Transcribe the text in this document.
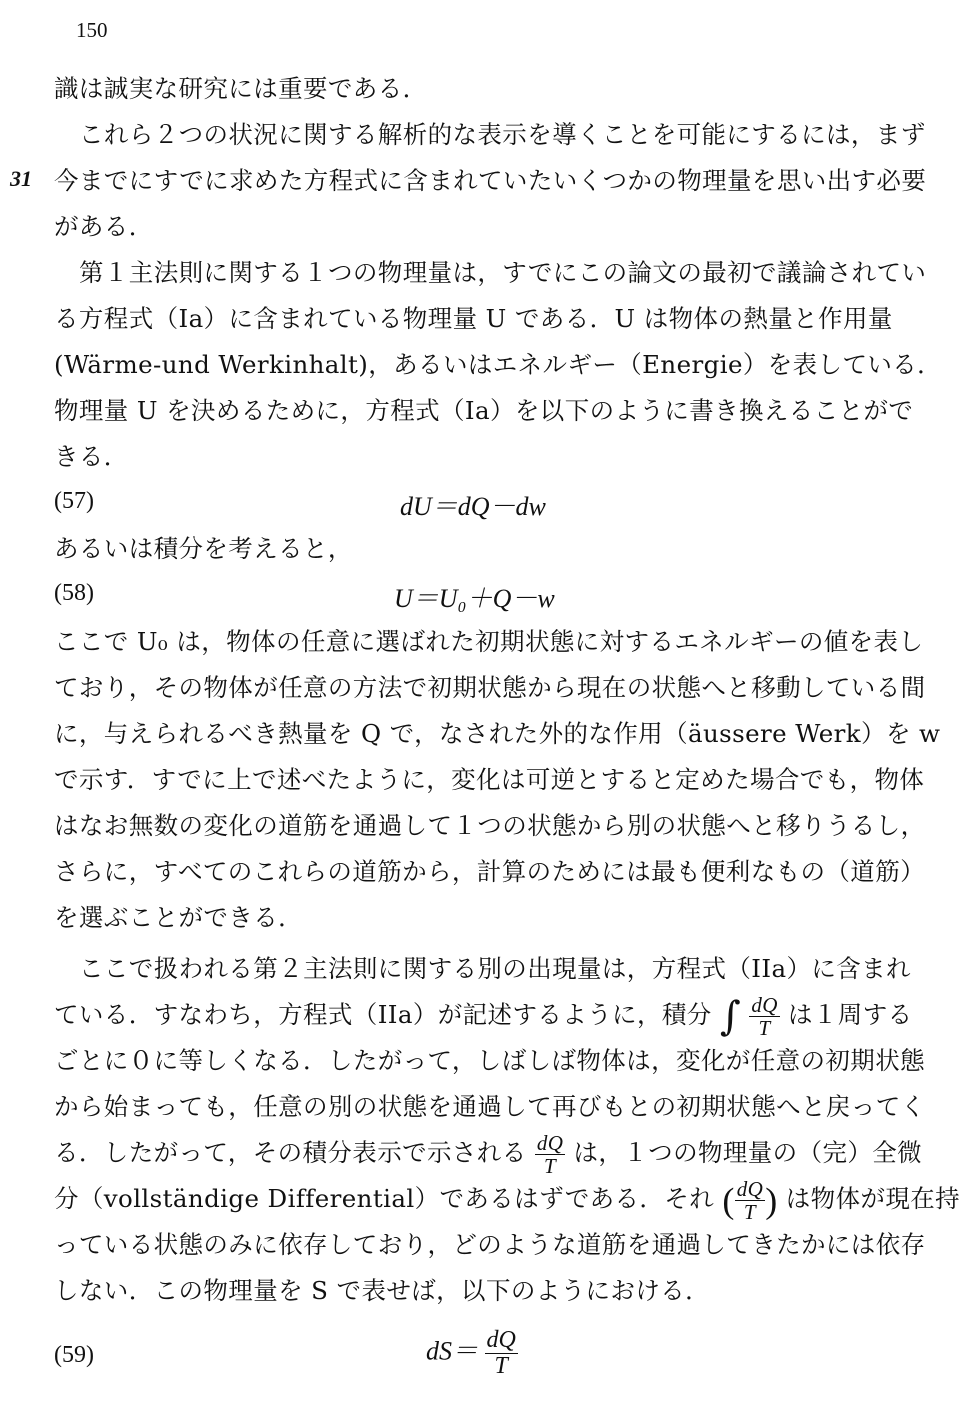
150
31
識は誠実な研究には重要である．
これら２つの状況に関する解析的な表示を導くことを可能にするには，まず
今までにすでに求めた方程式に含まれていたいくつかの物理量を思い出す必要
がある．
第１主法則に関する１つの物理量は，すでにこの論文の最初で議論されてい
る方程式（Ia）に含まれている物理量 U である．U は物体の熱量と作用量
(Wärme-und Werkinhalt)，あるいはエネルギー（Energie）を表している．
物理量 U を決めるために，方程式（Ia）を以下のように書き換えることがで
きる．
(57)	dU＝dQ－dw
あるいは積分を考えると，
(58)	U＝U₀＋Q－w
ここで U₀ は，物体の任意に選ばれた初期状態に対するエネルギーの値を表し
ており，その物体が任意の方法で初期状態から現在の状態へと移動している間
に，与えられるべき熱量を Q で，なされた外的な作用（äussere Werk）を w
で示す．すでに上で述べたように，変化は可逆とすると定めた場合でも，物体
はなお無数の変化の道筋を通過して１つの状態から別の状態へと移りうるし，
さらに，すべてのこれらの道筋から，計算のためには最も便利なもの（道筋）
を選ぶことができる．
ここで扱われる第２主法則に関する別の出現量は，方程式（IIa）に含まれ
ている．すなわち，方程式（IIa）が記述するように，積分 ∫ $\frac{dQ}{T}$ は１周する
ごとに０に等しくなる．したがって，しばしば物体は，変化が任意の初期状態
から始まっても，任意の別の状態を通過して再びもとの初期状態へと戻ってく
る．したがって，その積分表示で示される $\frac{dQ}{T}$ は，１つの物理量の（完）全微
分（vollständige Differential）であるはずである．それ ( $\frac{dQ}{T}$ ) は物体が現在持
っている状態のみに依存しており，どのような道筋を通過してきたかには依存
しない．この物理量を S で表せば，以下のようにおける．
(59)	$dS= \frac{dQ}{T}$
